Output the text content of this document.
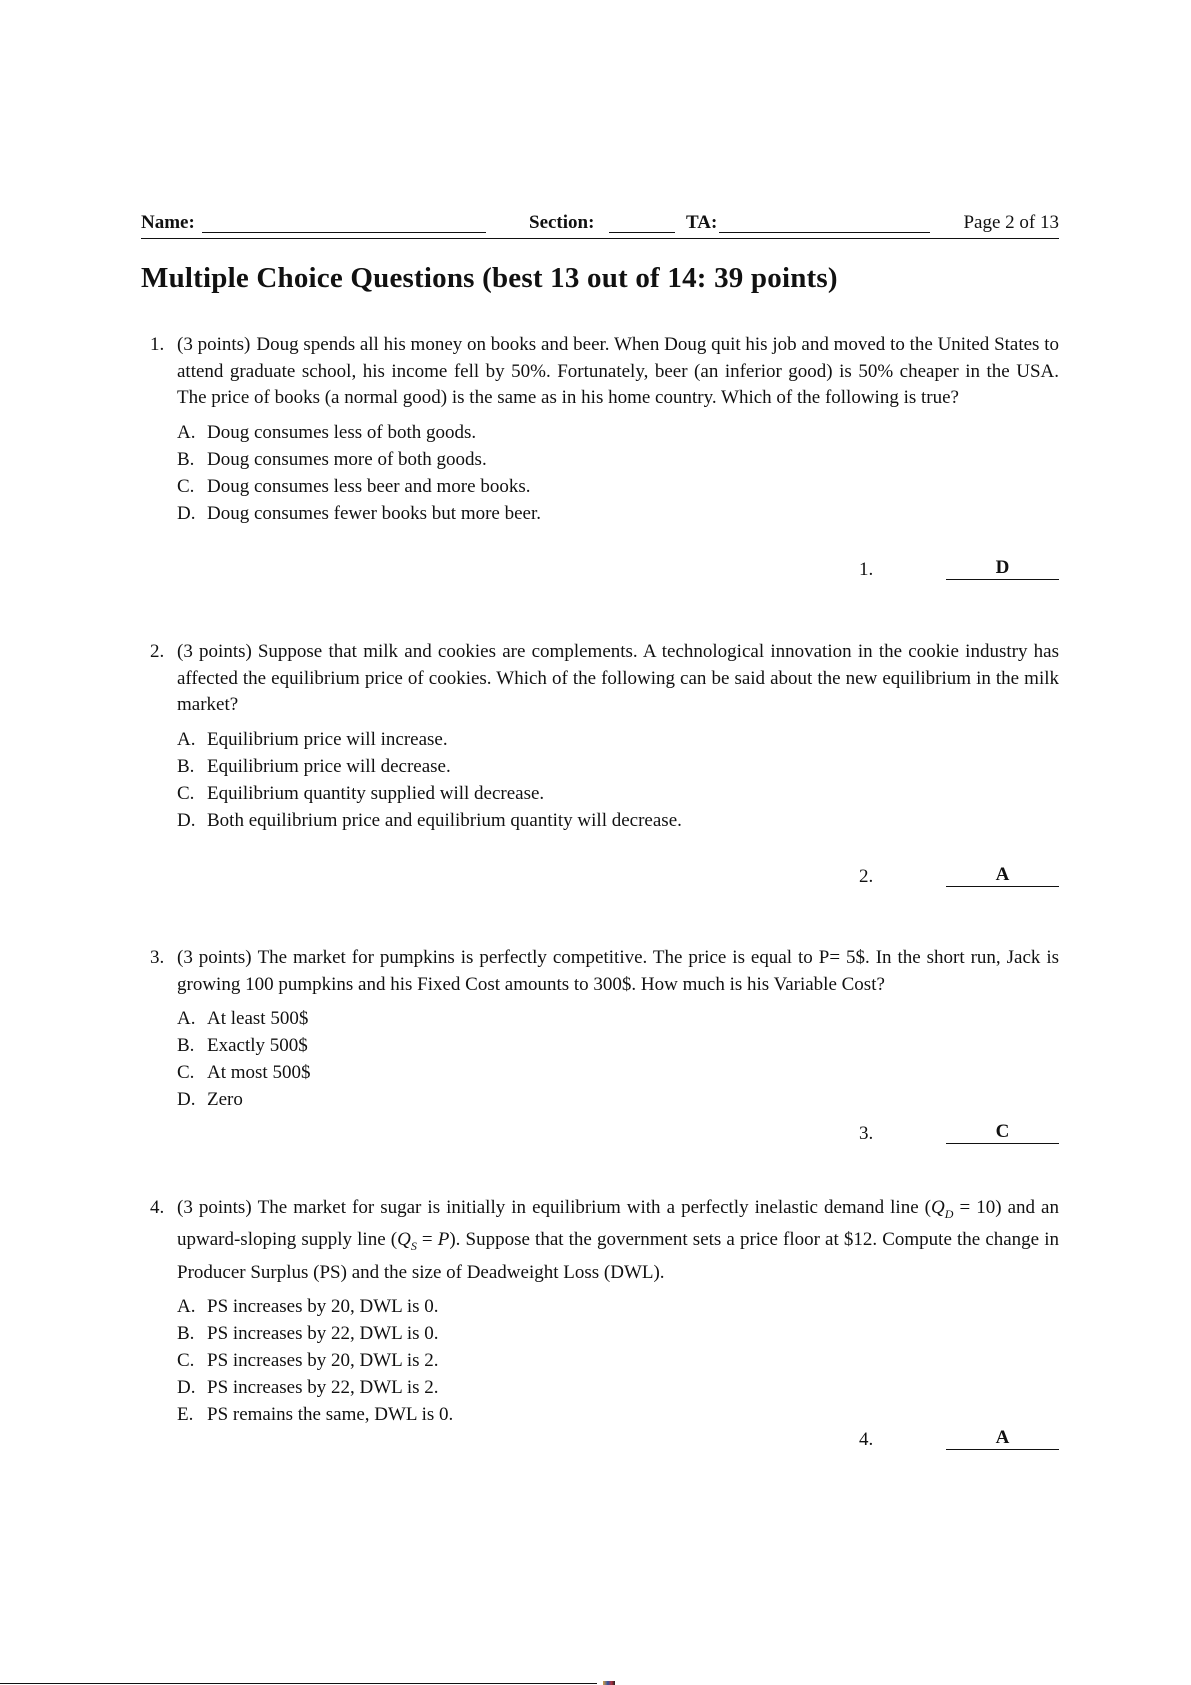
Name:	Section:	TA:	Page 2 of 13
Multiple Choice Questions (best 13 out of 14: 39 points)
1. (3 points) Doug spends all his money on books and beer. When Doug quit his job and moved to the United States to attend graduate school, his income fell by 50%. Fortunately, beer (an inferior good) is 50% cheaper in the USA. The price of books (a normal good) is the same as in his home country. Which of the following is true?
A. Doug consumes less of both goods.
B. Doug consumes more of both goods.
C. Doug consumes less beer and more books.
D. Doug consumes fewer books but more beer.
1.	D
2. (3 points) Suppose that milk and cookies are complements. A technological innovation in the cookie industry has affected the equilibrium price of cookies. Which of the following can be said about the new equilibrium in the milk market?
A. Equilibrium price will increase.
B. Equilibrium price will decrease.
C. Equilibrium quantity supplied will decrease.
D. Both equilibrium price and equilibrium quantity will decrease.
2.	A
3. (3 points) The market for pumpkins is perfectly competitive. The price is equal to P= 5$. In the short run, Jack is growing 100 pumpkins and his Fixed Cost amounts to 300$. How much is his Variable Cost?
A. At least 500$
B. Exactly 500$
C. At most 500$
D. Zero
3.	C
4. (3 points) The market for sugar is initially in equilibrium with a perfectly inelastic demand line $(Q_D = 10)$ and an upward-sloping supply line $(Q_S = P)$. Suppose that the government sets a price floor at $12. Compute the change in Producer Surplus (PS) and the size of Deadweight Loss (DWL).
A. PS increases by 20, DWL is 0.
B. PS increases by 22, DWL is 0.
C. PS increases by 20, DWL is 2.
D. PS increases by 22, DWL is 2.
E. PS remains the same, DWL is 0.
4.	A
